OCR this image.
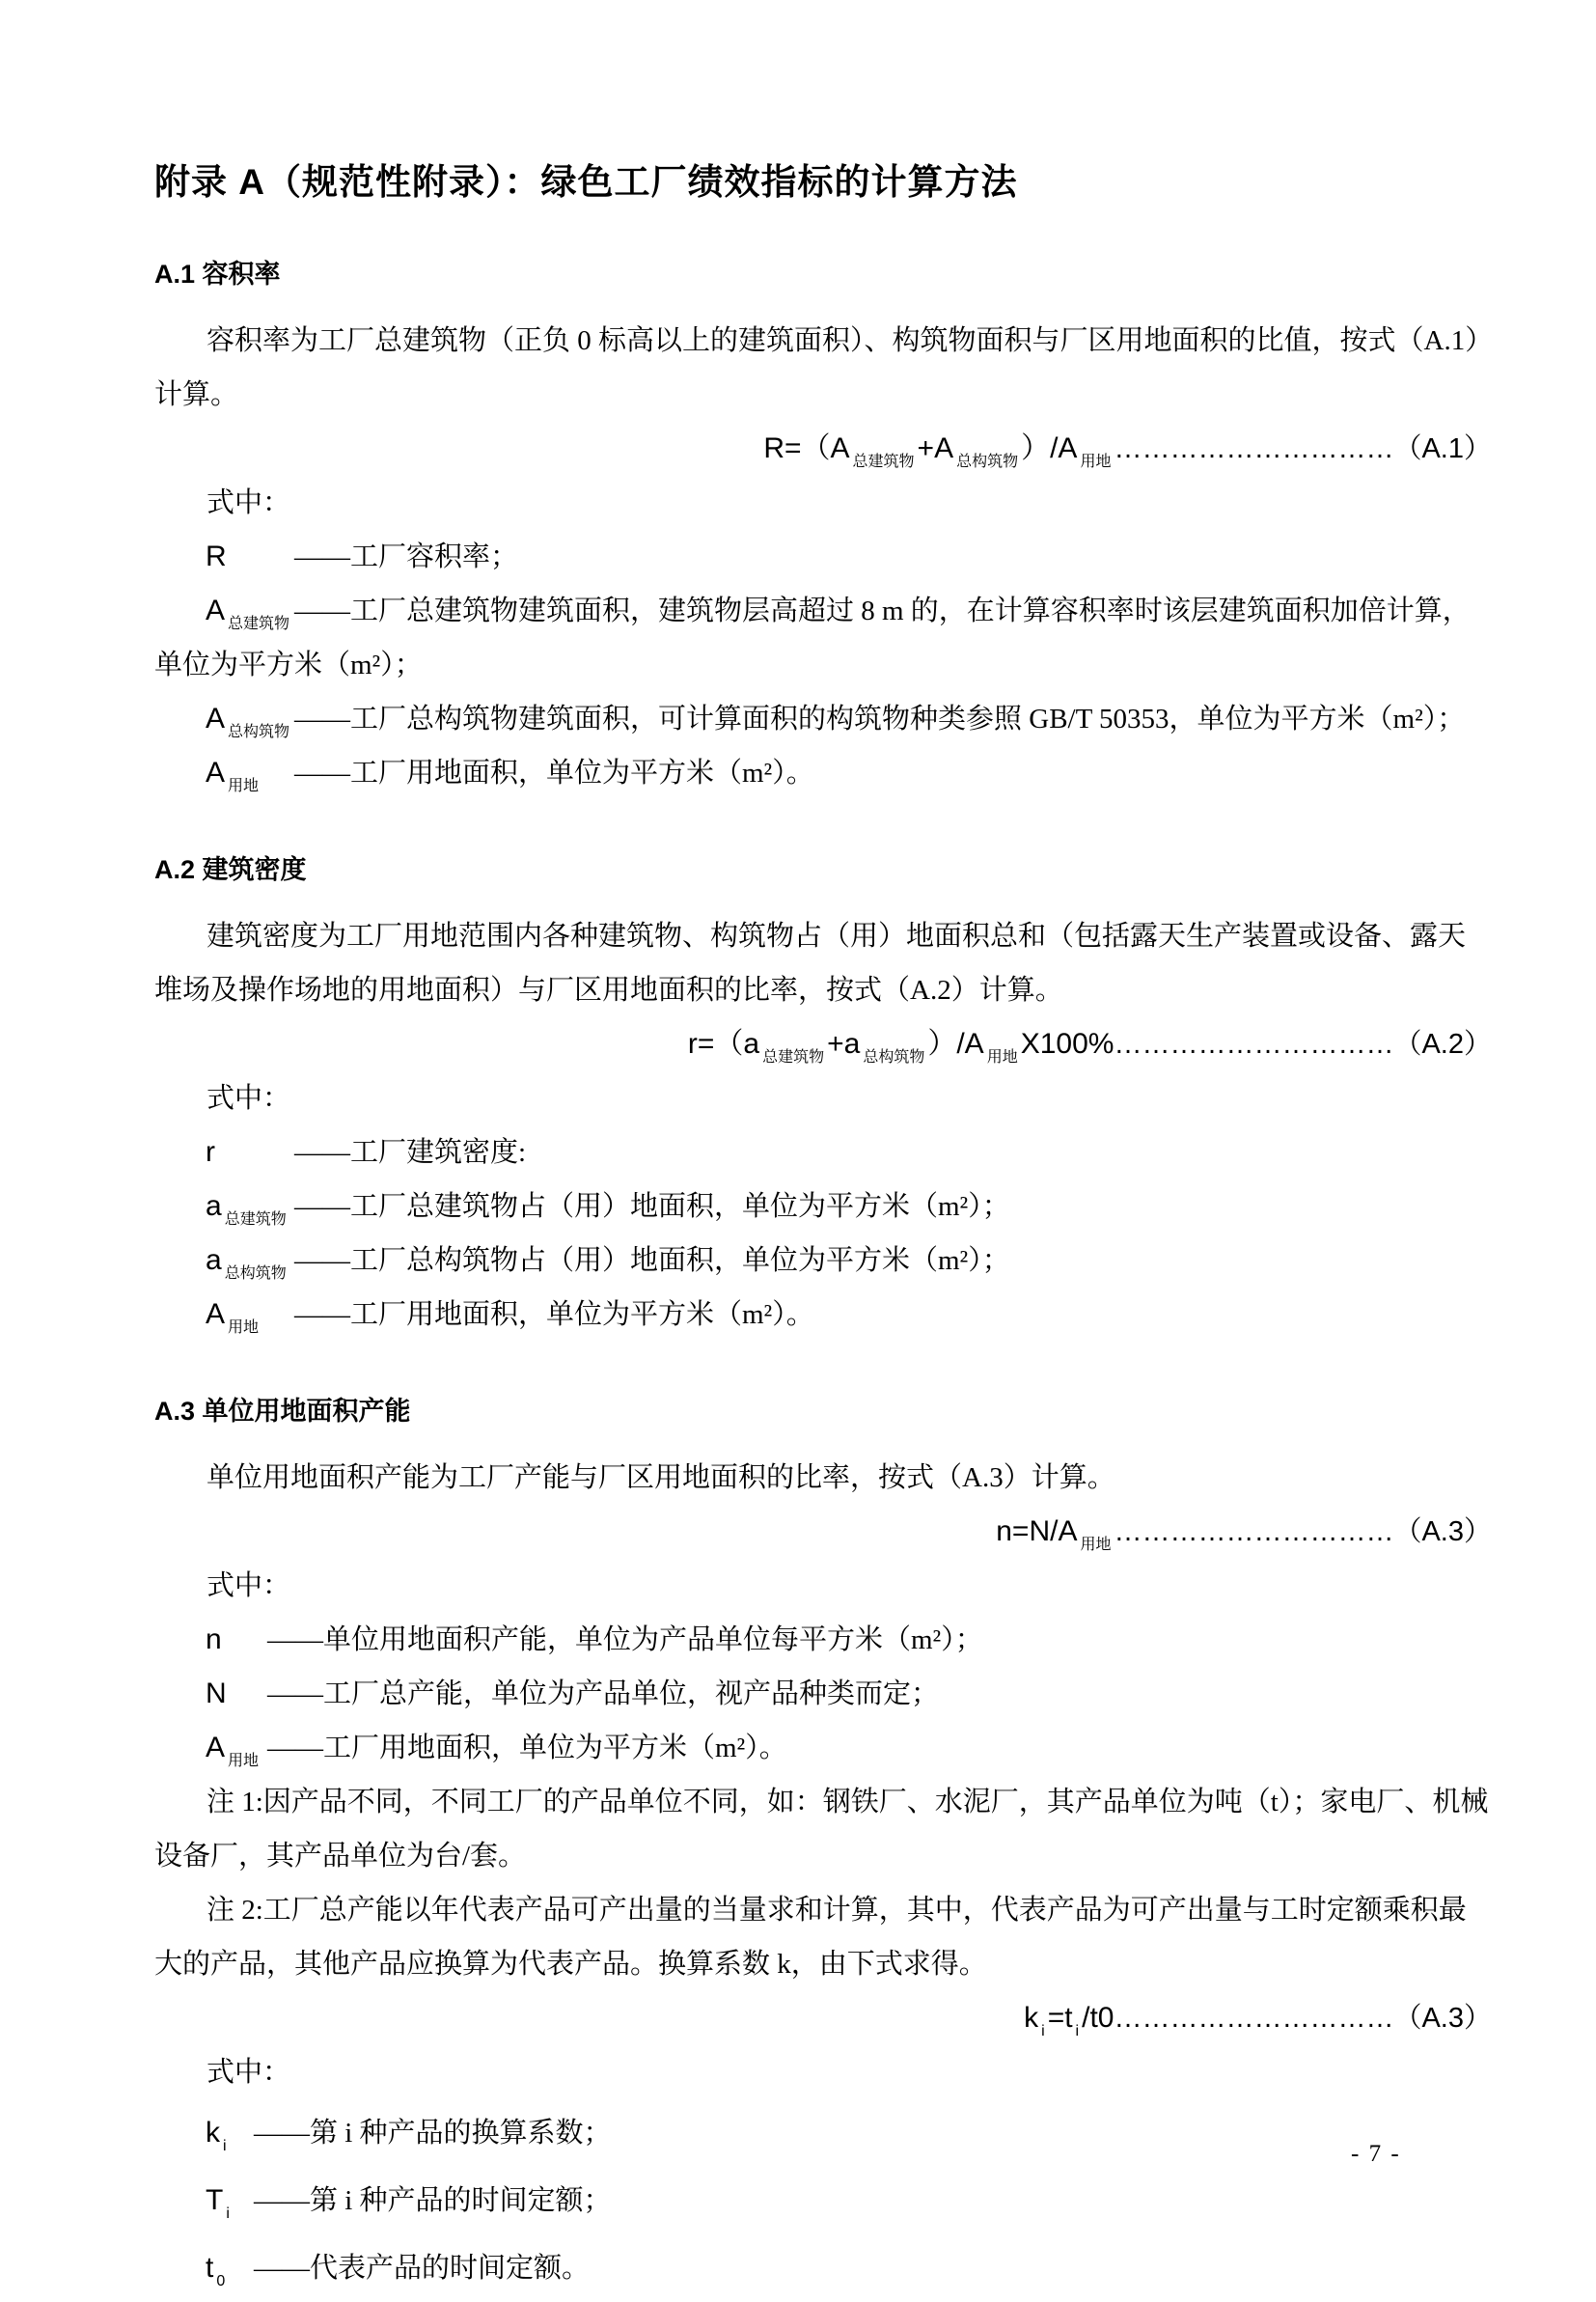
附录 A（规范性附录）：绿色工厂绩效指标的计算方法
A.1 容积率

容积率为工厂总建筑物（正负 0 标高以上的建筑面积）、构筑物面积与厂区用地面积的比值，按式（A.1）计算。

R=（A $_{总建筑物}$ +A $_{总构筑物}$ ）/A $_{用地}$ …………………………（A.1）

式中：

R ——工厂容积率；

A $_{总建筑物}$ ——工厂总建筑物建筑面积，建筑物层高超过 8 m 的，在计算容积率时该层建筑面积加倍计算，单位为平方米（m²）；

A $_{总构筑物}$ ——工厂总构筑物建筑面积，可计算面积的构筑物种类参照 GB/T 50353，单位为平方米（m²）；

A $_{用地}$ ——工厂用地面积，单位为平方米（m²）。

A.2 建筑密度

建筑密度为工厂用地范围内各种建筑物、构筑物占（用）地面积总和（包括露天生产装置或设备、露天堆场及操作场地的用地面积）与厂区用地面积的比率，按式（A.2）计算。

r=（a $_{总建筑物}$ +a $_{总构筑物}$ ）/A $_{用地}$ X100%…………………………（A.2）

式中：

r	——工厂建筑密度:

a $_{总建筑物}$ ——工厂总建筑物占（用）地面积，单位为平方米（m²）；

a $_{总构筑物}$ ——工厂总构筑物占（用）地面积，单位为平方米（m²）；

A $_{用地}$ ——工厂用地面积，单位为平方米（m²）。

A.3 单位用地面积产能

单位用地面积产能为工厂产能与厂区用地面积的比率，按式（A.3）计算。

n=N/A $_{用地}$ …………………………（A.3）

式中：

n ——单位用地面积产能，单位为产品单位每平方米（m²）；

N ——工厂总产能，单位为产品单位，视产品种类而定；

A $_{用地}$ ——工厂用地面积，单位为平方米（m²）。

注 1:因产品不同，不同工厂的产品单位不同，如：钢铁厂、水泥厂，其产品单位为吨（t）；家电厂、机械设备厂，其产品单位为台/套。

注 2:工厂总产能以年代表产品可产出量的当量求和计算，其中，代表产品为可产出量与工时定额乘积最大的产品，其他产品应换算为代表产品。换算系数 k，由下式求得。

k $_i$ =t $_i$ /t0…………………………（A.3）

式中：

k $_i$ ——第 i 种产品的换算系数；

T $_i$ ——第 i 种产品的时间定额；

t $_0$ ——代表产品的时间定额。

- 7 -
